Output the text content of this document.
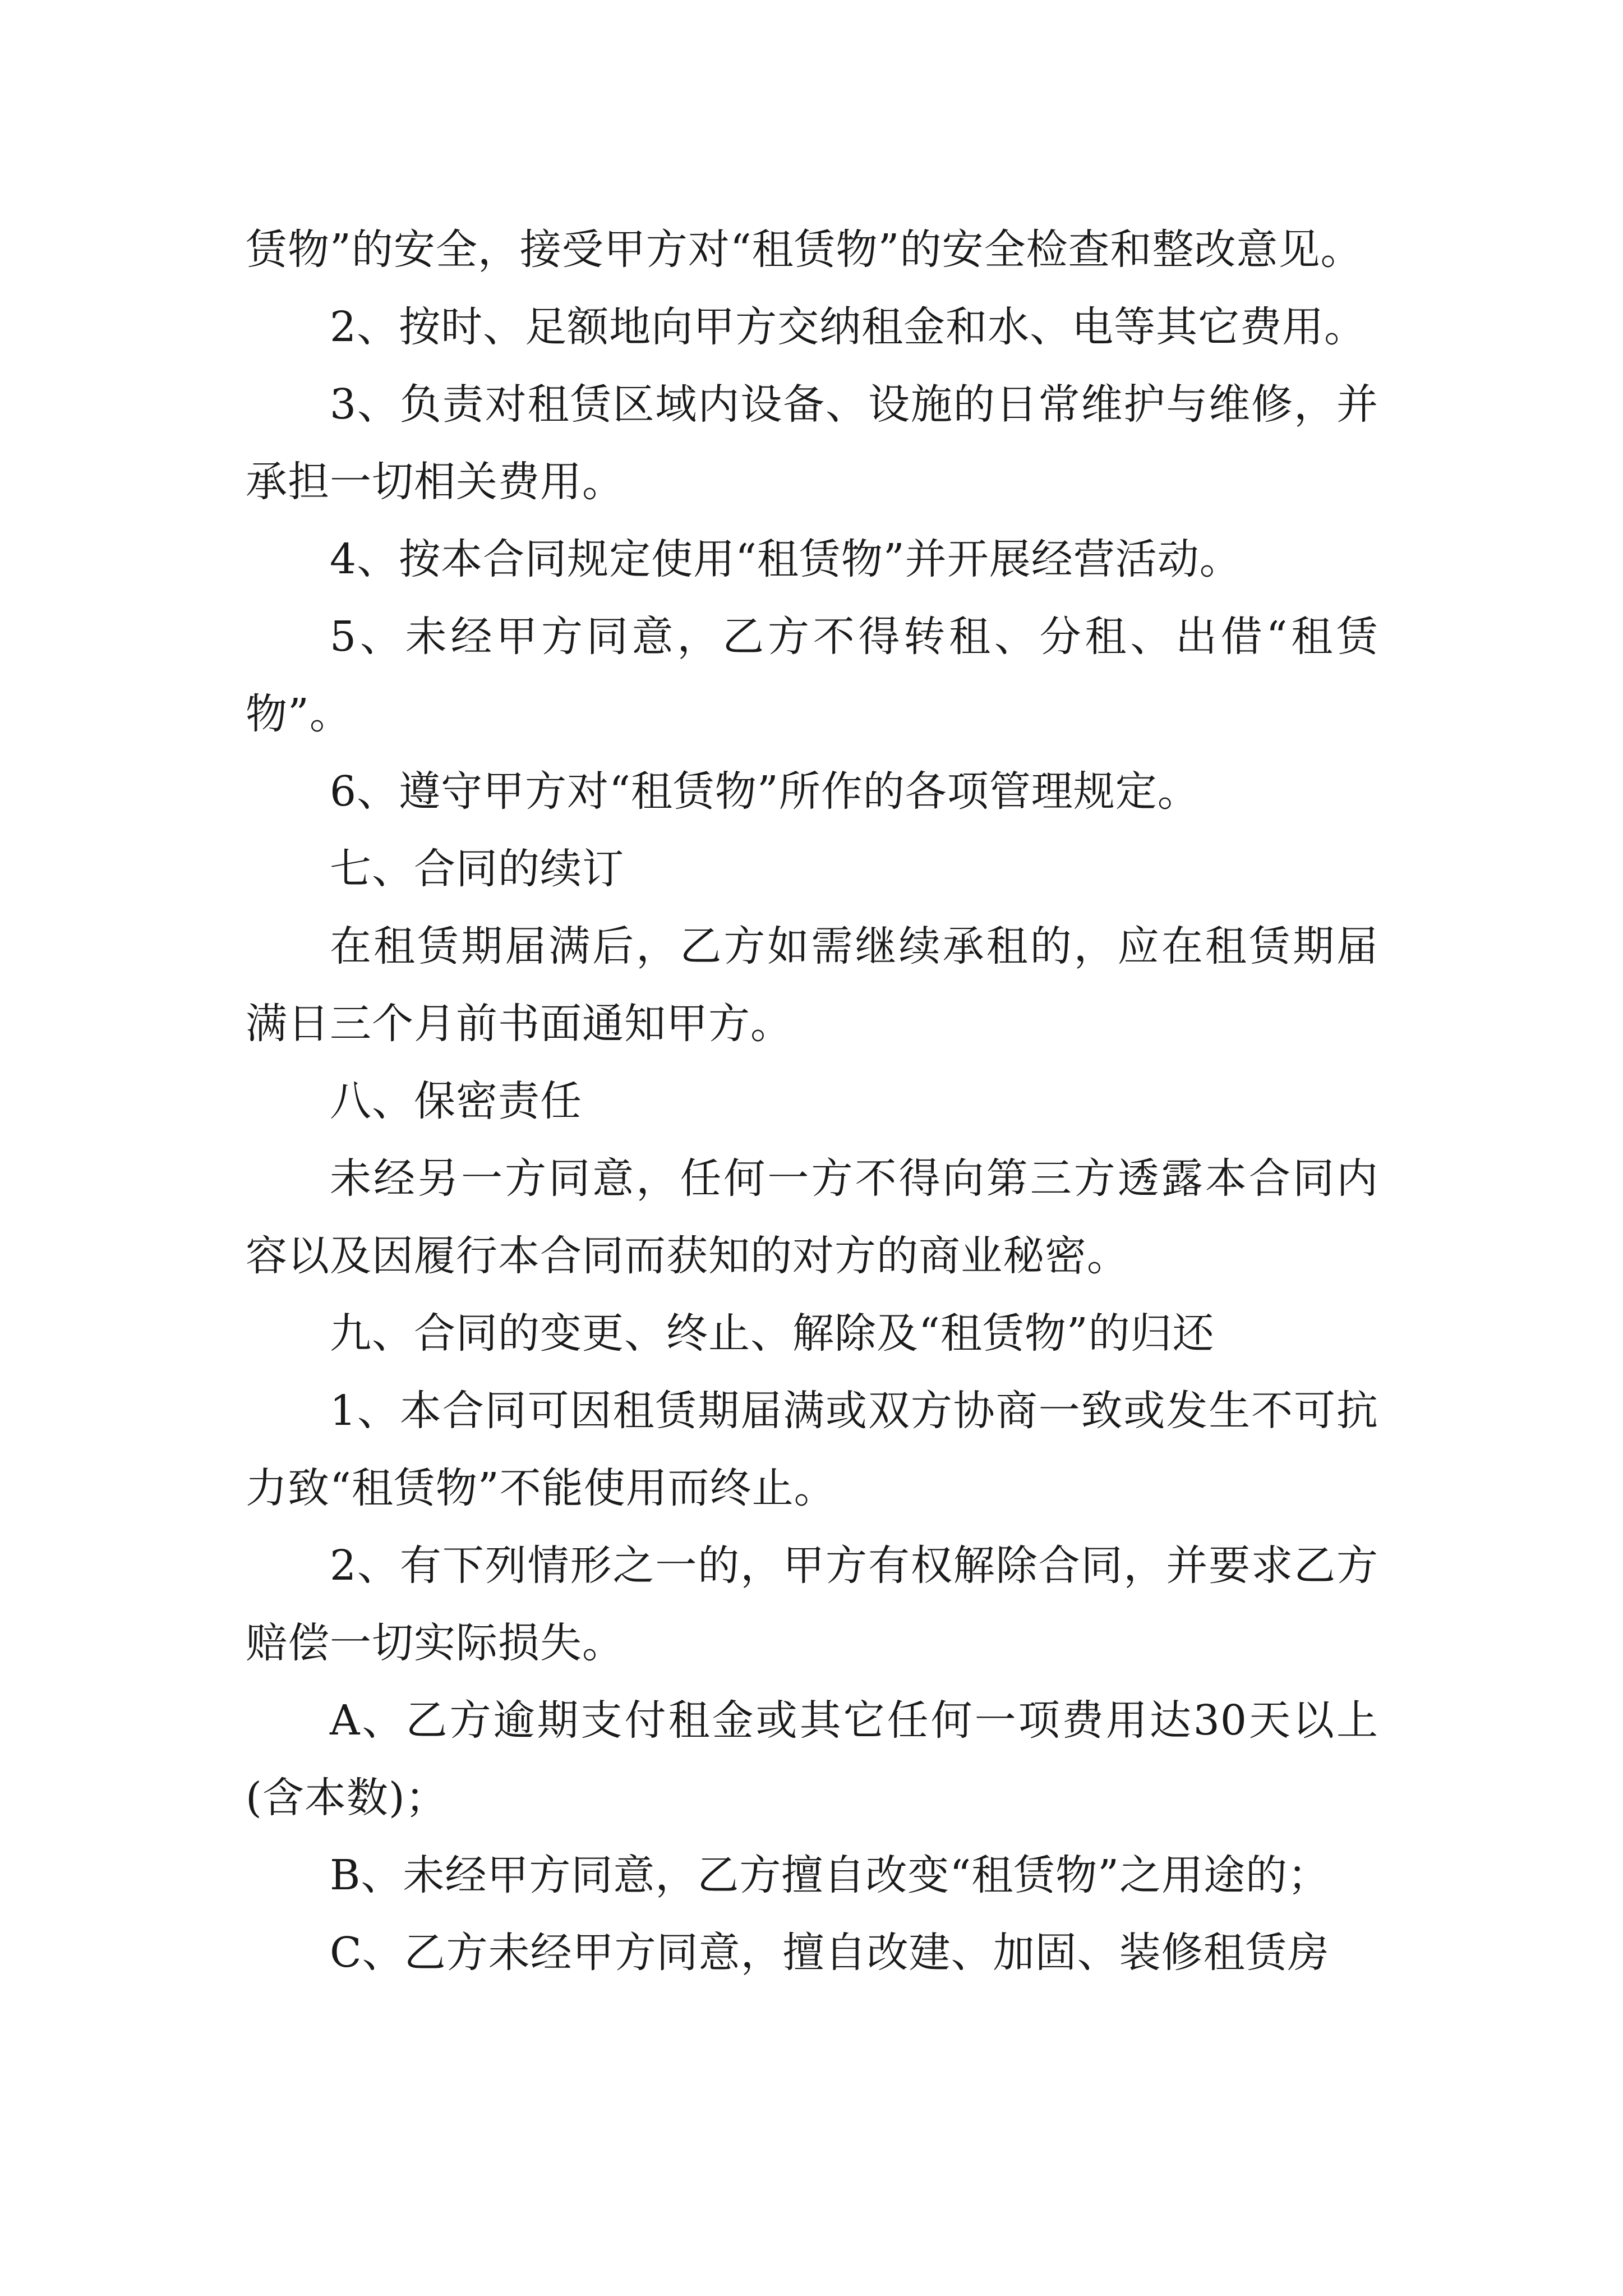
赁物”的安全，接受甲方对“租赁物”的安全检查和整改意见。

2、按时、足额地向甲方交纳租金和水、电等其它费用。

3、负责对租赁区域内设备、设施的日常维护与维修，并承担一切相关费用。

4、按本合同规定使用“租赁物”并开展经营活动。

5、未经甲方同意，乙方不得转租、分租、出借“租赁物”。

6、遵守甲方对“租赁物”所作的各项管理规定。

七、合同的续订

在租赁期届满后，乙方如需继续承租的，应在租赁期届满日三个月前书面通知甲方。

八、保密责任

未经另一方同意，任何一方不得向第三方透露本合同内容以及因履行本合同而获知的对方的商业秘密。

九、合同的变更、终止、解除及“租赁物”的归还

1、本合同可因租赁期届满或双方协商一致或发生不可抗力致“租赁物”不能使用而终止。

2、有下列情形之一的，甲方有权解除合同，并要求乙方赔偿一切实际损失。

A、乙方逾期支付租金或其它任何一项费用达30天以上(含本数)；

B、未经甲方同意，乙方擅自改变“租赁物”之用途的；

C、乙方未经甲方同意，擅自改建、加固、装修租赁房
